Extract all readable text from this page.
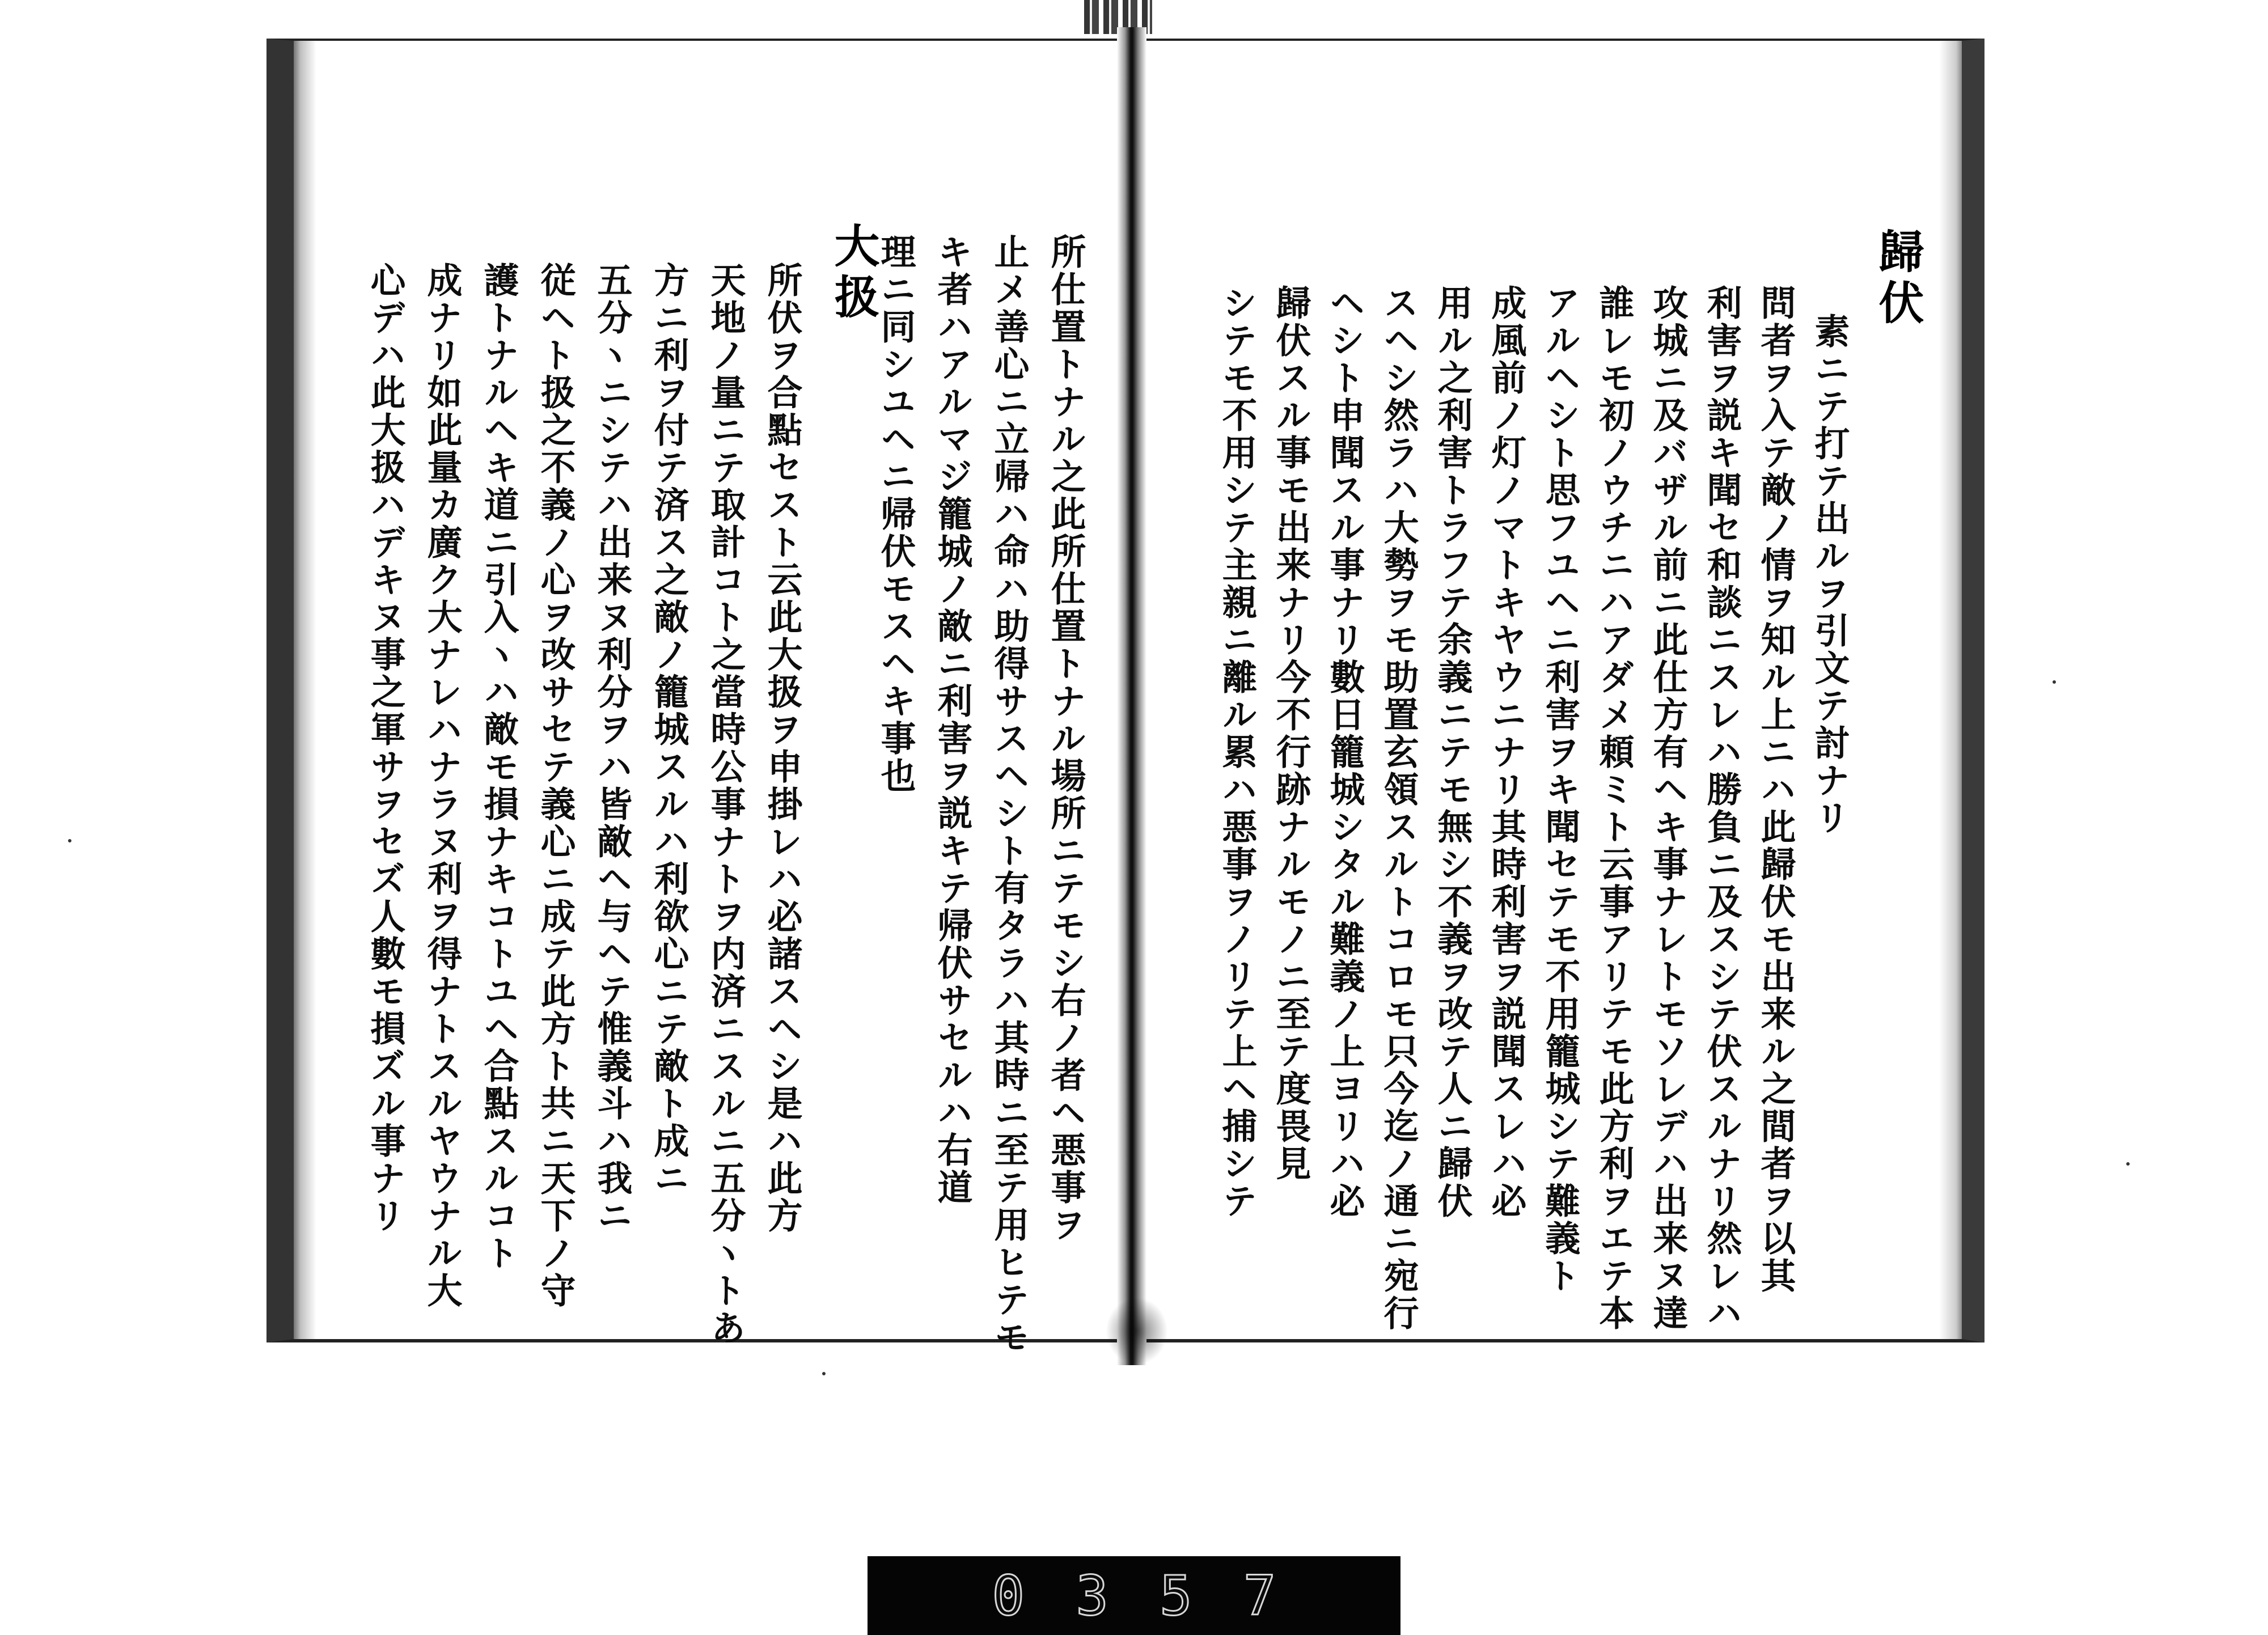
所仕置トナル之此所仕置トナル場所ニテモシ右ノ者ヘ悪事ヲ
止メ善心ニ立帰ハ命ハ助得サスヘシト有タラハ其時ニ至テ用ヒテモ
キ者ハアルマジ籠城ノ敵ニ利害ヲ説キテ帰伏サセルハ右道
理ニ同シユヘニ帰伏モスヘキ事也
大扱
所伏ヲ合點セスト云此大扱ヲ申掛レハ必諸スヘシ是ハ此方
天地ノ量ニテ取計コト之當時公事ナトヲ内済ニスルニ五分ヽトあ
方ニ利ヲ付テ済ス之敵ノ籠城スルハ利欲心ニテ敵ト成ニ
五分ヽニシテハ出来ヌ利分ヲハ皆敵ヘ与ヘテ惟義斗ハ我ニ
従ヘト扱之不義ノ心ヲ改サセテ義心ニ成テ此方ト共ニ天下ノ守
護トナルヘキ道ニ引入ヽハ敵モ損ナキコトユヘ合點スルコト
成ナリ如此量カ廣ク大ナレハナラヌ利ヲ得ナトスルヤウナル大
心デハ此大扱ハデキヌ事之軍サヲセズ人數モ損ズル事ナリ	歸伏
素ニテ打テ出ルヲ引文テ討ナリ
問者ヲ入テ敵ノ情ヲ知ル上ニハ此歸伏モ出来ル之間者ヲ以其
利害ヲ説キ聞セ和談ニスレハ勝負ニ及スシテ伏スルナリ然レハ
攻城ニ及バザル前ニ此仕方有ヘキ事ナレトモソレデハ出来ヌ達
誰レモ初ノウチニハアダメ頼ミト云事アリテモ此方利ヲエテ本
アルヘシト思フユヘニ利害ヲキ聞セテモ不用籠城シテ難義ト
成風前ノ灯ノマトキヤウニナリ其時利害ヲ説聞スレハ必
用ル之利害トラフテ余義ニテモ無シ不義ヲ改テ人ニ歸伏
スヘシ然ラハ大勢ヲモ助置玄領スルトコロモ只今迄ノ通ニ宛行
ヘシト申聞スル事ナリ數日籠城シタル難義ノ上ヨリハ必
歸伏スル事モ出来ナリ今不行跡ナルモノニ至テ度畏見
シテモ不用シテ主親ニ離ル累ハ悪事ヲノリテ上ヘ捕シテ
0357
